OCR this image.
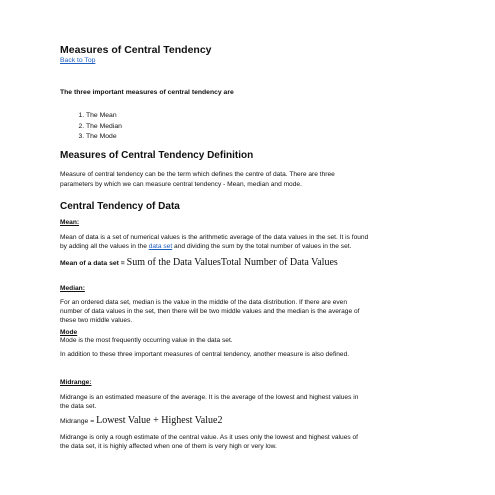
Measures of Central Tendency
Back to Top
The three important measures of central tendency are
1. The Mean
2. The Median
3. The Mode
Measures of Central Tendency Definition
Measure of central tendency can be the term which defines the centre of data. There are three
parameters by which we can measure central tendency - Mean, median and mode.
Central Tendency of Data
Mean:
Mean of data is a set of numerical values is the arithmetic average of the data values in the set. It is found
by adding all the values in the data set and dividing the sum by the total number of values in the set.
Mean of a data set = Sum of the Data ValuesTotal Number of Data Values
Median:
For an ordered data set, median is the value in the middle of the data distribution. If there are even
number of data values in the set, then there will be two middle values and the median is the average of
these two middle values.
Mode
Mode is the most frequently occurring value in the data set.
In addition to these three important measures of central tendency, another measure is also defined.
Midrange:
Midrange is an estimated measure of the average. It is the average of the lowest and highest values in
the data set.
Midrange = Lowest Value + Highest Value2
Midrange is only a rough estimate of the central value. As it uses only the lowest and highest values of
the data set, it is highly affected when one of them is very high or very low.
